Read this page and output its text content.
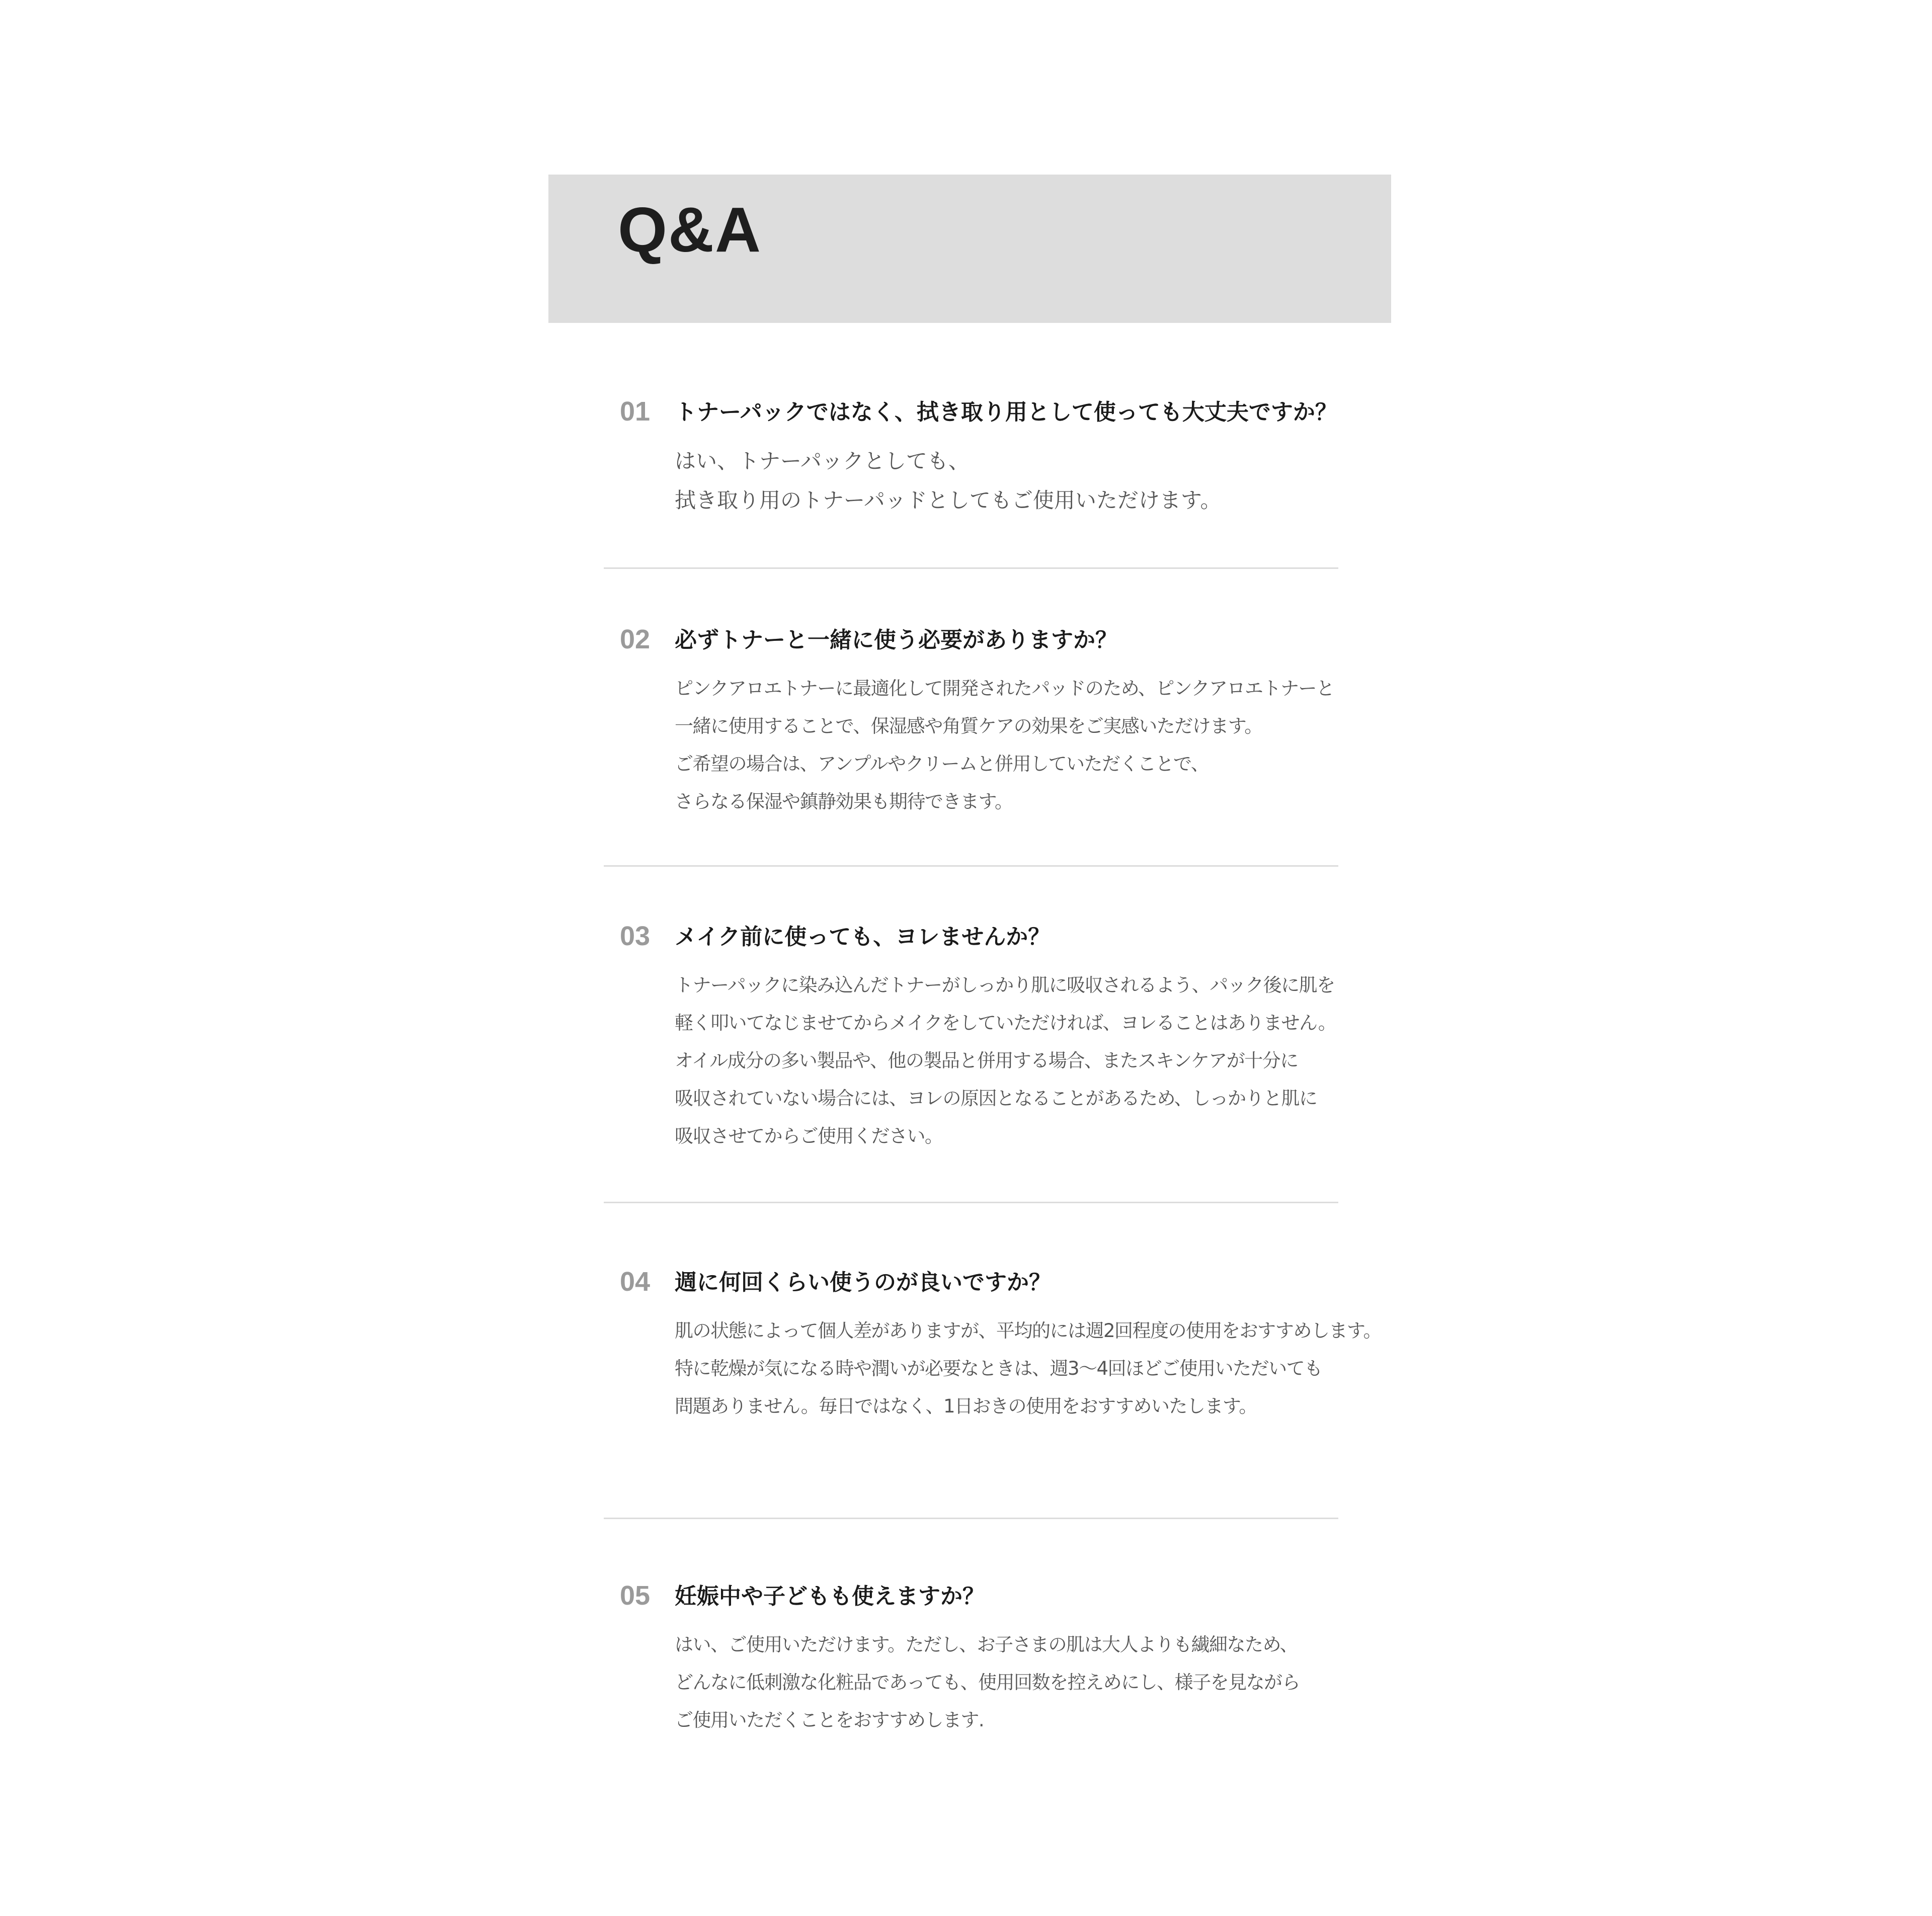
Q&A
01 トナーパックではなく、拭き取り用として使っても大丈夫ですか？
はい、トナーパックとしても、
拭き取り用のトナーパッドとしてもご使用いただけます。
02 必ずトナーと一緒に使う必要がありますか？
ピンクアロエトナーに最適化して開発されたパッドのため、ピンクアロエトナーと
一緒に使用することで、保湿感や角質ケアの効果をご実感いただけます。
ご希望の場合は、アンプルやクリームと併用していただくことで、
さらなる保湿や鎮静効果も期待できます。
03 メイク前に使っても、ヨレませんか？
トナーパックに染み込んだトナーがしっかり肌に吸収されるよう、パック後に肌を
軽く叩いてなじませてからメイクをしていただければ、ヨレることはありません。
オイル成分の多い製品や、他の製品と併用する場合、またスキンケアが十分に
吸収されていない場合には、ヨレの原因となることがあるため、しっかりと肌に
吸収させてからご使用ください。
04 週に何回くらい使うのが良いですか？
肌の状態によって個人差がありますが、平均的には週2回程度の使用をおすすめします。
特に乾燥が気になる時や潤いが必要なときは、週3～4回ほどご使用いただいても
問題ありません。毎日ではなく、1日おきの使用をおすすめいたします。
05 妊娠中や子どもも使えますか？
はい、ご使用いただけます。ただし、お子さまの肌は大人よりも繊細なため、
どんなに低刺激な化粧品であっても、使用回数を控えめにし、様子を見ながら
ご使用いただくことをおすすめします.
